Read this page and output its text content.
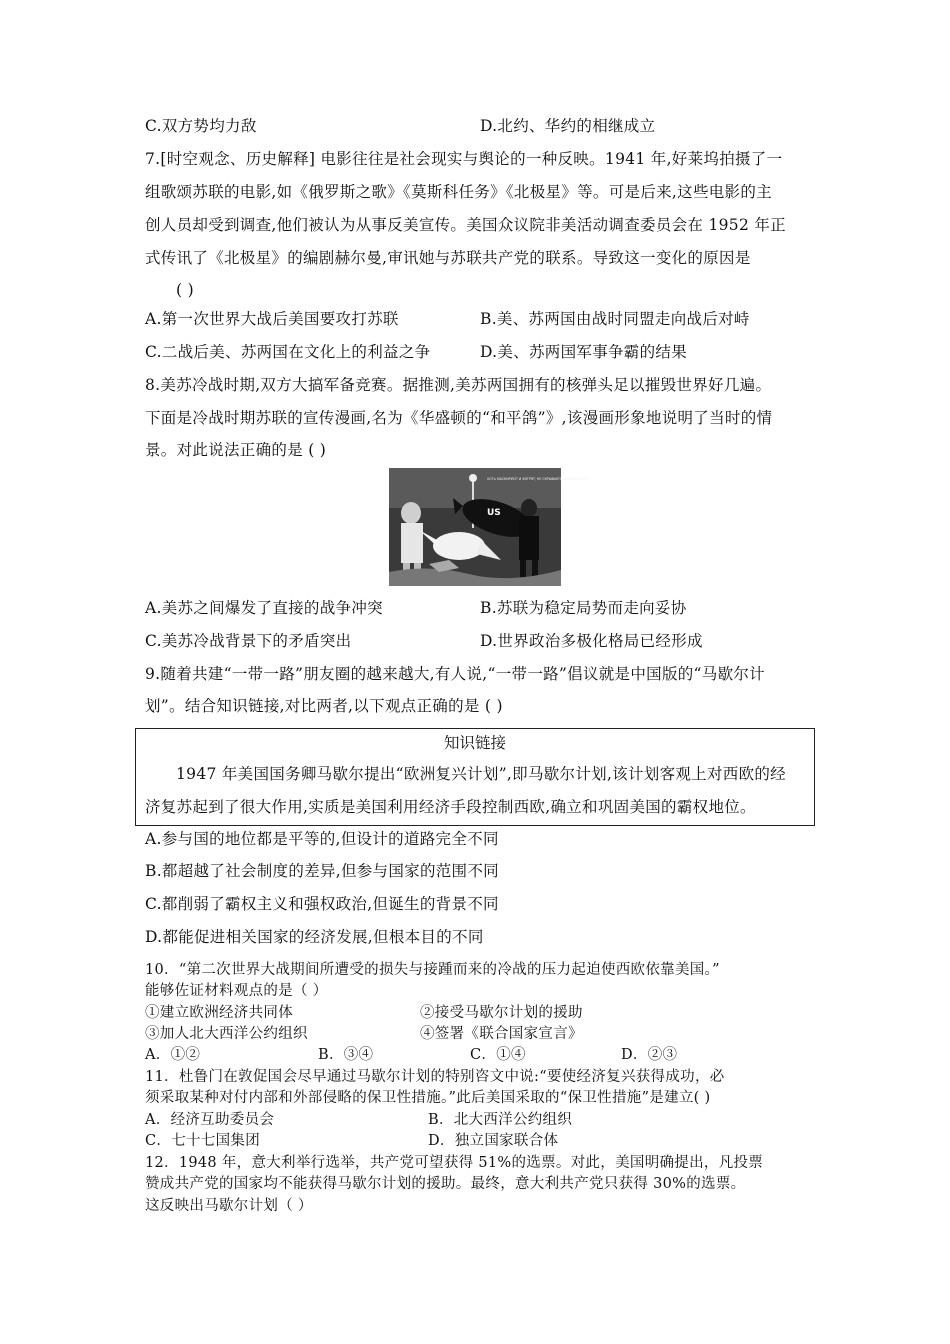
C.双方势均力敌	D.北约、华约的相继成立
7.[时空观念、历史解释] 电影往往是社会现实与舆论的一种反映。1941 年,好莱坞拍摄了一
组歌颂苏联的电影,如《俄罗斯之歌》《莫斯科任务》《北极星》等。可是后来,这些电影的主
创人员却受到调查,他们被认为从事反美宣传。美国众议院非美活动调查委员会在 1952 年正
式传讯了《北极星》的编剧赫尔曼,审讯她与苏联共产党的联系。导致这一变化的原因是
( )
A.第一次世界大战后美国要攻打苏联	B.美、苏两国由战时同盟走向战后对峙
C.二战后美、苏两国在文化上的利益之争	D.美、苏两国军事争霸的结果
8.美苏冷战时期,双方大搞军备竞赛。据推测,美苏两国拥有的核弹头足以摧毁世界好几遍。
下面是冷战时期苏联的宣传漫画,名为《华盛顿的“和平鸽”》,该漫画形象地说明了当时的情
景。对此说法正确的是 ( )
US
ХОТЬ МАСКИРУЮТ И ХИТРЯТ, НЕ СКРЫВАЮТ ПОДЛЫЕ НУТРО!
A.美苏之间爆发了直接的战争冲突	B.苏联为稳定局势而走向妥协
C.美苏冷战背景下的矛盾突出	D.世界政治多极化格局已经形成
9.随着共建“一带一路”朋友圈的越来越大,有人说,“一带一路”倡议就是中国版的“马歇尔计
划”。结合知识链接,对比两者,以下观点正确的是 ( )
知识链接
1947 年美国国务卿马歇尔提出“欧洲复兴计划”,即马歇尔计划,该计划客观上对西欧的经
济复苏起到了很大作用,实质是美国利用经济手段控制西欧,确立和巩固美国的霸权地位。
A.参与国的地位都是平等的,但设计的道路完全不同
B.都超越了社会制度的差异,但参与国家的范围不同
C.都削弱了霸权主义和强权政治,但诞生的背景不同
D.都能促进相关国家的经济发展,但根本目的不同
10．“第二次世界大战期间所遭受的损失与接踵而来的冷战的压力起迫使西欧依靠美国。”
能够佐证材料观点的是（ ）
①建立欧洲经济共同体	②接受马歇尔计划的援助
③加人北大西洋公约组织	④签署《联合国家宣言》
A．①②	B．③④	C．①④	D．②③
11．杜鲁门在敦促国会尽早通过马歇尔计划的特别咨文中说:“要使经济复兴获得成功，必
须采取某种对付内部和外部侵略的保卫性措施。”此后美国采取的“保卫性措施”是建立( )
A．经济互助委员会	B．北大西洋公约组织
C．七十七国集团	D．独立国家联合体
12．1948 年，意大利举行选举，共产党可望获得 51%的选票。对此，美国明确提出，凡投票
赞成共产党的国家均不能获得马歇尔计划的援助。最终，意大利共产党只获得 30%的选票。
这反映出马歇尔计划（ ）
